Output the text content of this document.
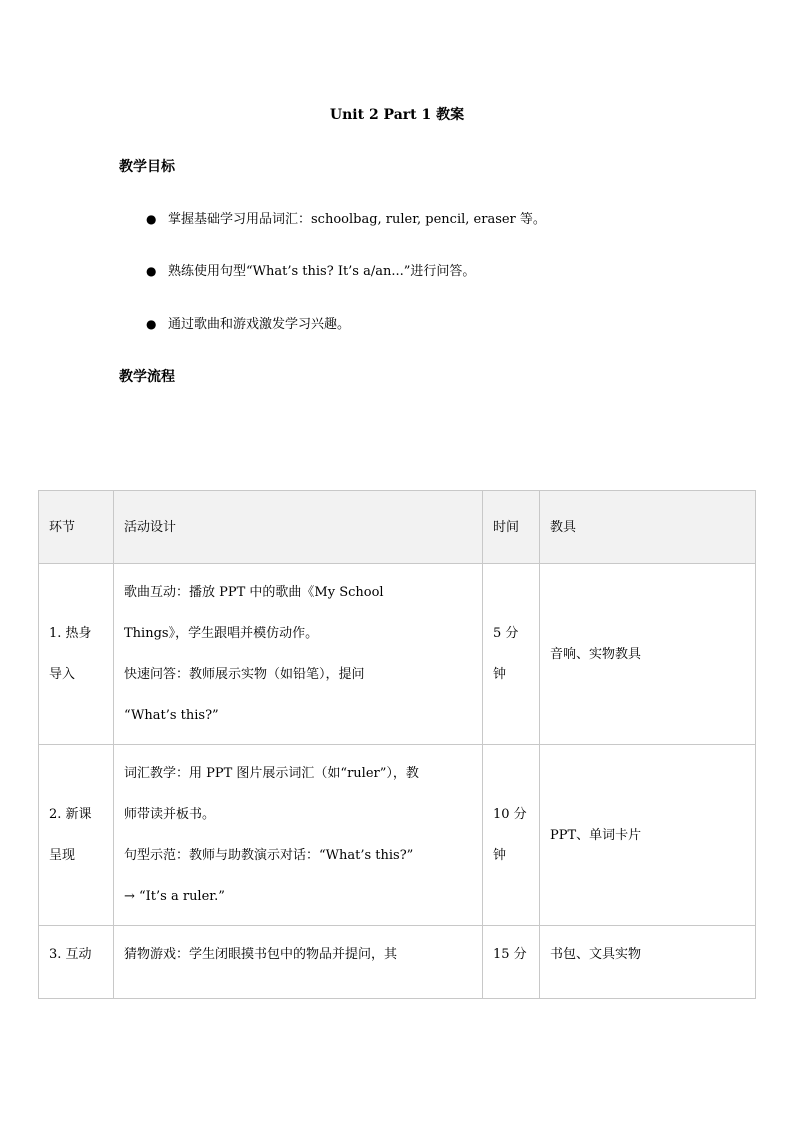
Unit 2 Part 1 教案
教学目标
● 掌握基础学习用品词汇：schoolbag, ruler, pencil, eraser 等。
● 熟练使用句型“What’s this? It’s a/an...”进行问答。
● 通过歌曲和游戏激发学习兴趣。
教学流程
环节	活动设计	时间	教具

1. 热身
导入	歌曲互动：播放 PPT 中的歌曲《My School
Things》，学生跟唱并模仿动作。
快速问答：教师展示实物（如铅笔），提问
“What’s this?”	5 分
钟	音响、实物教具

2. 新课
呈现	词汇教学：用 PPT 图片展示词汇（如“ruler”），教
师带读并板书。
句型示范：教师与助教演示对话：“What’s this?”
→ “It’s a ruler.”	10 分
钟	PPT、单词卡片

3. 互动	猜物游戏：学生闭眼摸书包中的物品并提问，其	15 分	书包、文具实物
